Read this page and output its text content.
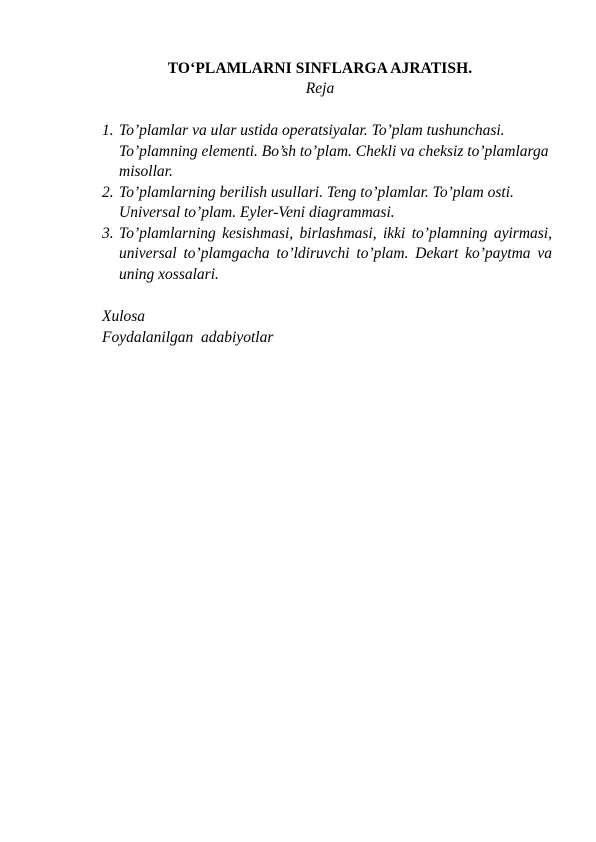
TO‘PLAMLARNI SINFLARGA AJRATISH.
Reja
1. To’plamlar va ular ustida operatsiyalar. To’plam tushunchasi. To’plamning elementi. Bo’sh to’plam. Chekli va cheksiz to’plamlarga misollar.
2. To’plamlarning berilish usullari. Teng to’plamlar. To’plam osti. Universal to’plam. Eyler-Veni diagrammasi.
3. To’plamlarning kesishmasi, birlashmasi, ikki to’plamning ayirmasi, universal to’plamgacha to’ldiruvchi to’plam. Dekart ko’paytma va uning xossalari.
Xulosa
Foydalanilgan  adabiyotlar
